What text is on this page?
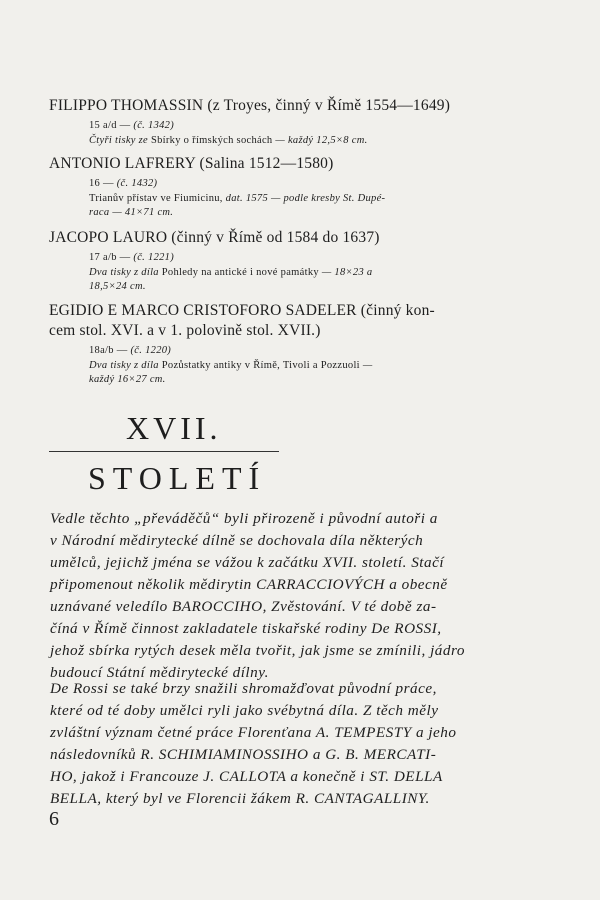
FILIPPO THOMASSIN (z Troyes, činný v Římě 1554—1649)
15 a/d — (č. 1342)
Čtyři tisky ze Sbírky o římských sochách — každý 12,5×8 cm.
ANTONIO LAFRERY (Salina 1512—1580)
16 — (č. 1432)
Trianův přístav ve Fiumicinu, dat. 1575 — podle kresby St. Dupé-
raca — 41×71 cm.
JACOPO LAURO (činný v Římě od 1584 do 1637)
17 a/b — (č. 1221)
Dva tisky z díla Pohledy na antické i nové památky — 18×23 a
18,5×24 cm.
EGIDIO E MARCO CRISTOFORO SADELER (činný kon-
cem stol. XVI. a v 1. polovině stol. XVII.)
18a/b — (č. 1220)
Dva tisky z díla Pozůstatky antiky v Římě, Tivoli a Pozzuoli —
každý 16×27 cm.
XVII.
STOLETÍ
Vedle těchto „převáděčů“ byli přirozeně i původní autoři a
v Národní mědirytecké dílně se dochovala díla některých
umělců, jejichž jména se vážou k začátku XVII. století. Stačí
připomenout několik mědirytin CARRACCIOVÝCH a obecně
uznávané veledílo BAROCCIHO, Zvěstování. V té době za-
číná v Římě činnost zakladatele tiskařské rodiny De ROSSI,
jehož sbírka rytých desek měla tvořit, jak jsme se zmínili, jádro
budoucí Státní mědirytecké dílny.
De Rossi se také brzy snažili shromažďovat původní práce,
které od té doby umělci ryli jako svébytná díla. Z těch měly
zvláštní význam četné práce Florenťana A. TEMPESTY a jeho
následovníků R. SCHIMIAMINOSSIHO a G. B. MERCATI-
HO, jakož i Francouze J. CALLOTA a konečně i ST. DELLA
BELLA, který byl ve Florencii žákem R. CANTAGALLINY.
6
